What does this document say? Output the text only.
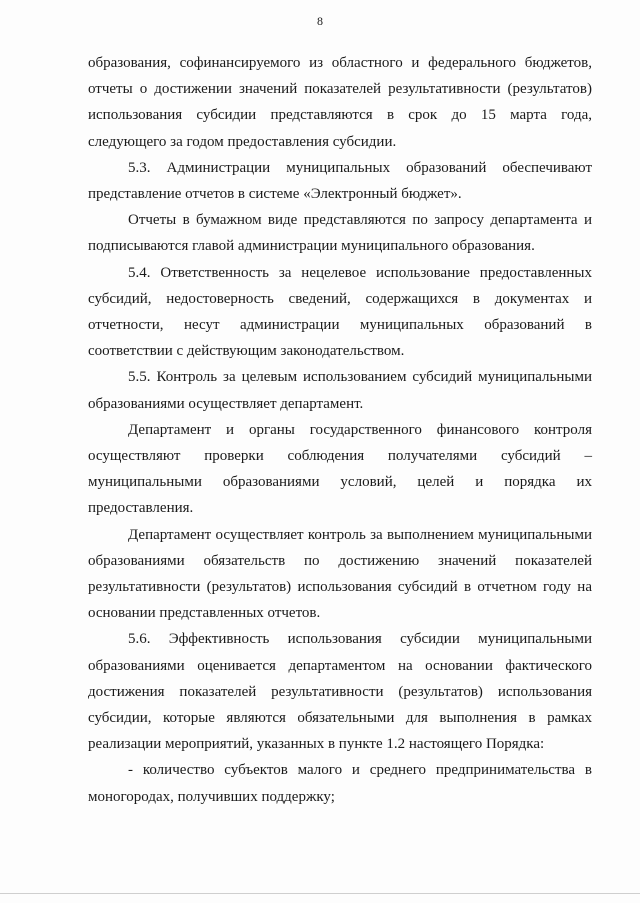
8
образования, софинансируемого из областного и федерального бюджетов,
отчеты о достижении значений показателей результативности (результатов)
использования субсидии представляются в срок до 15 марта года,
следующего за годом предоставления субсидии.
5.3. Администрации муниципальных образований обеспечивают
представление отчетов в системе «Электронный бюджет».
Отчеты в бумажном виде представляются по запросу департамента и
подписываются главой администрации муниципального образования.
5.4. Ответственность за нецелевое использование предоставленных
субсидий, недостоверность сведений, содержащихся в документах и
отчетности, несут администрации муниципальных образований в
соответствии с действующим законодательством.
5.5. Контроль за целевым использованием субсидий муниципальными
образованиями осуществляет департамент.
Департамент и органы государственного финансового контроля
осуществляют проверки соблюдения получателями субсидий –
муниципальными образованиями условий, целей и порядка их
предоставления.
Департамент осуществляет контроль за выполнением муниципальными
образованиями обязательств по достижению значений показателей
результативности (результатов) использования субсидий в отчетном году на
основании представленных отчетов.
5.6. Эффективность использования субсидии муниципальными
образованиями оценивается департаментом на основании фактического
достижения показателей результативности (результатов) использования
субсидии, которые являются обязательными для выполнения в рамках
реализации мероприятий, указанных в пункте 1.2 настоящего Порядка:
- количество субъектов малого и среднего предпринимательства в
моногородах, получивших поддержку;
